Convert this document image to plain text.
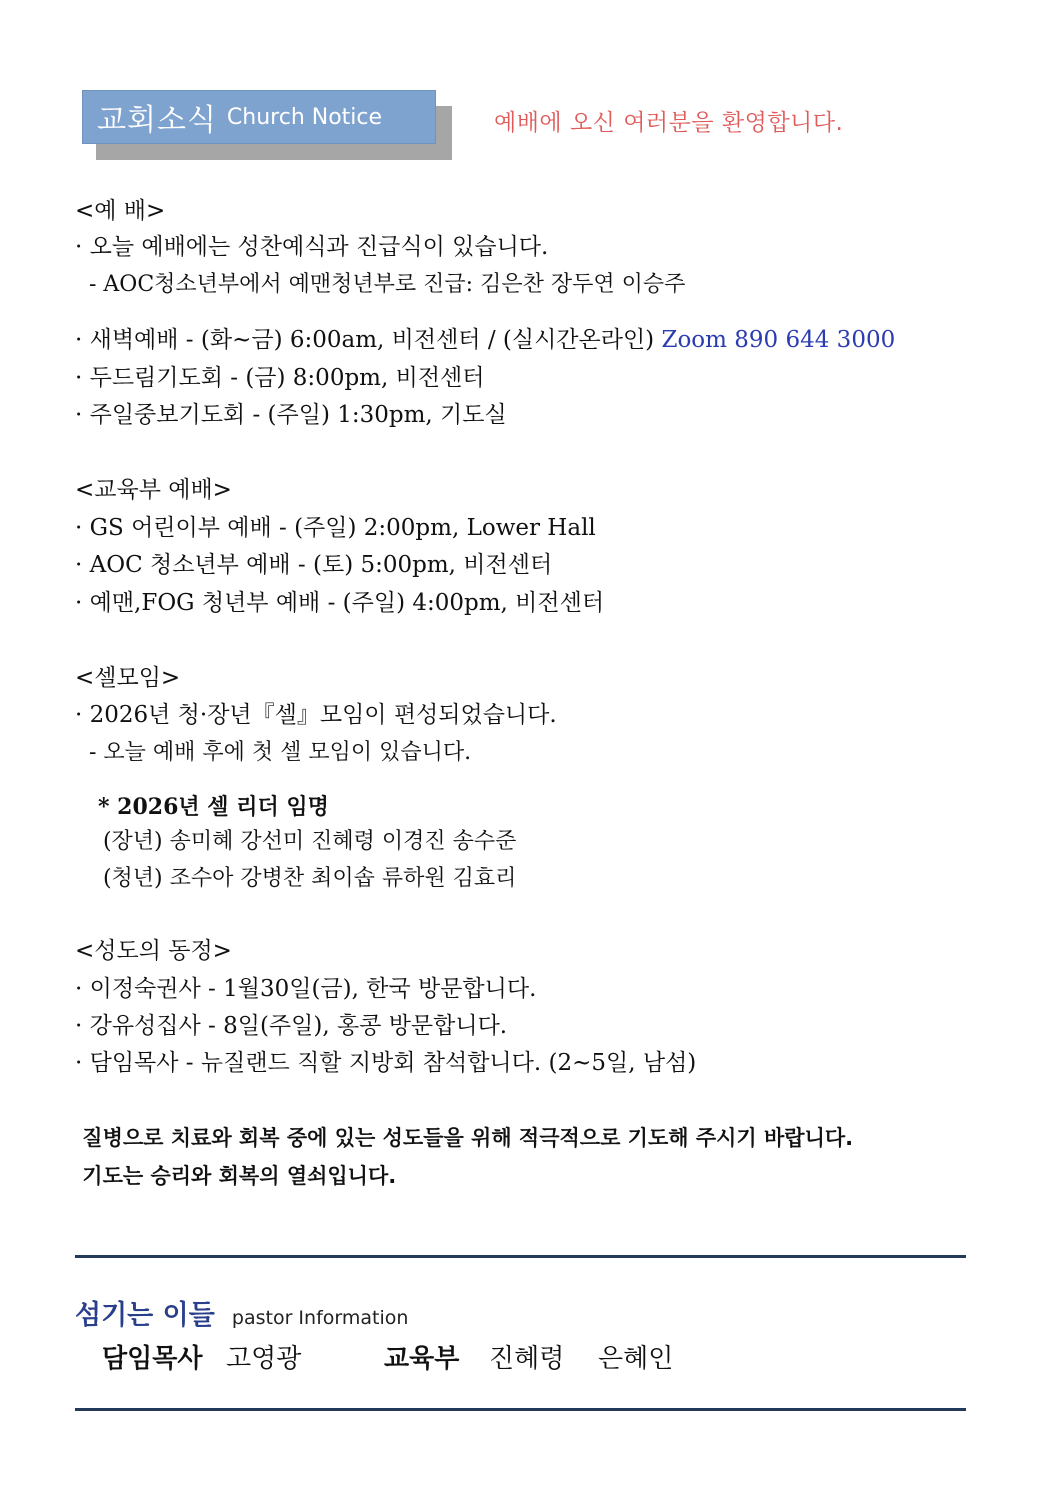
교회소식 Church Notice	예배에 오신 여러분을 환영합니다.
<예 배>
· 오늘 예배에는 성찬예식과 진급식이 있습니다.
- AOC청소년부에서 예맨청년부로 진급: 김은찬 장두연 이승주
· 새벽예배 - (화~금) 6:00am, 비전센터 / (실시간온라인) Zoom 890 644 3000
· 두드림기도회 - (금) 8:00pm, 비전센터
· 주일중보기도회 - (주일) 1:30pm, 기도실
<교육부 예배>
· GS 어린이부 예배 - (주일) 2:00pm, Lower Hall
· AOC 청소년부 예배 - (토) 5:00pm, 비전센터
· 예맨,FOG 청년부 예배 - (주일) 4:00pm, 비전센터
<셀모임>
· 2026년 청·장년『셀』모임이 편성되었습니다.
- 오늘 예배 후에 첫 셀 모임이 있습니다.
* 2026년 셀 리더 임명
(장년) 송미혜 강선미 진혜령 이경진 송수준
(청년) 조수아 강병찬 최이솝 류하원 김효리
<성도의 동정>
· 이정숙권사 - 1월30일(금), 한국 방문합니다.
· 강유성집사 - 8일(주일), 홍콩 방문합니다.
· 담임목사 - 뉴질랜드 직할 지방회 참석합니다. (2~5일, 남섬)
질병으로 치료와 회복 중에 있는 성도들을 위해 적극적으로 기도해 주시기 바랍니다.
기도는 승리와 회복의 열쇠입니다.
섬기는 이들 pastor Information
담임목사 고영광	교육부 진혜령 은혜인
